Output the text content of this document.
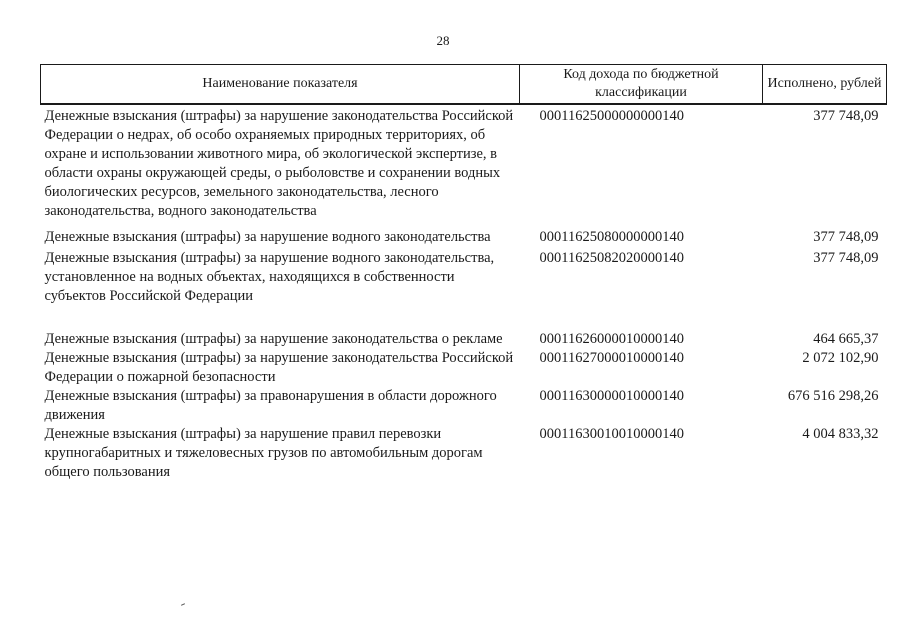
28
Наименование показателя	Код дохода по бюджетной классификации	Исполнено, рублей
Денежные взыскания (штрафы) за нарушение законодательства Российской Федерации о недрах, об особо охраняемых природных территориях, об охране и использовании животного мира, об экологической экспертизе, в области охраны окружающей среды, о рыболовстве и сохранении водных биологических ресурсов, земельного законодательства, лесного законодательства, водного законодательства	00011625000000000140	377 748,09
Денежные взыскания (штрафы) за нарушение водного законодательства	00011625080000000140	377 748,09
Денежные взыскания (штрафы) за нарушение водного законодательства, установленное на водных объектах, находящихся в собственности субъектов Российской Федерации	00011625082020000140	377 748,09
Денежные взыскания (штрафы) за нарушение законодательства о рекламе	00011626000010000140	464 665,37
Денежные взыскания (штрафы) за нарушение законодательства Российской Федерации о пожарной безопасности	00011627000010000140	2 072 102,90
Денежные взыскания (штрафы) за правонарушения в области дорожного движения	00011630000010000140	676 516 298,26
Денежные взыскания (штрафы) за нарушение правил перевозки крупногабаритных и тяжеловесных грузов по автомобильным дорогам общего пользования	00011630010010000140	4 004 833,32
